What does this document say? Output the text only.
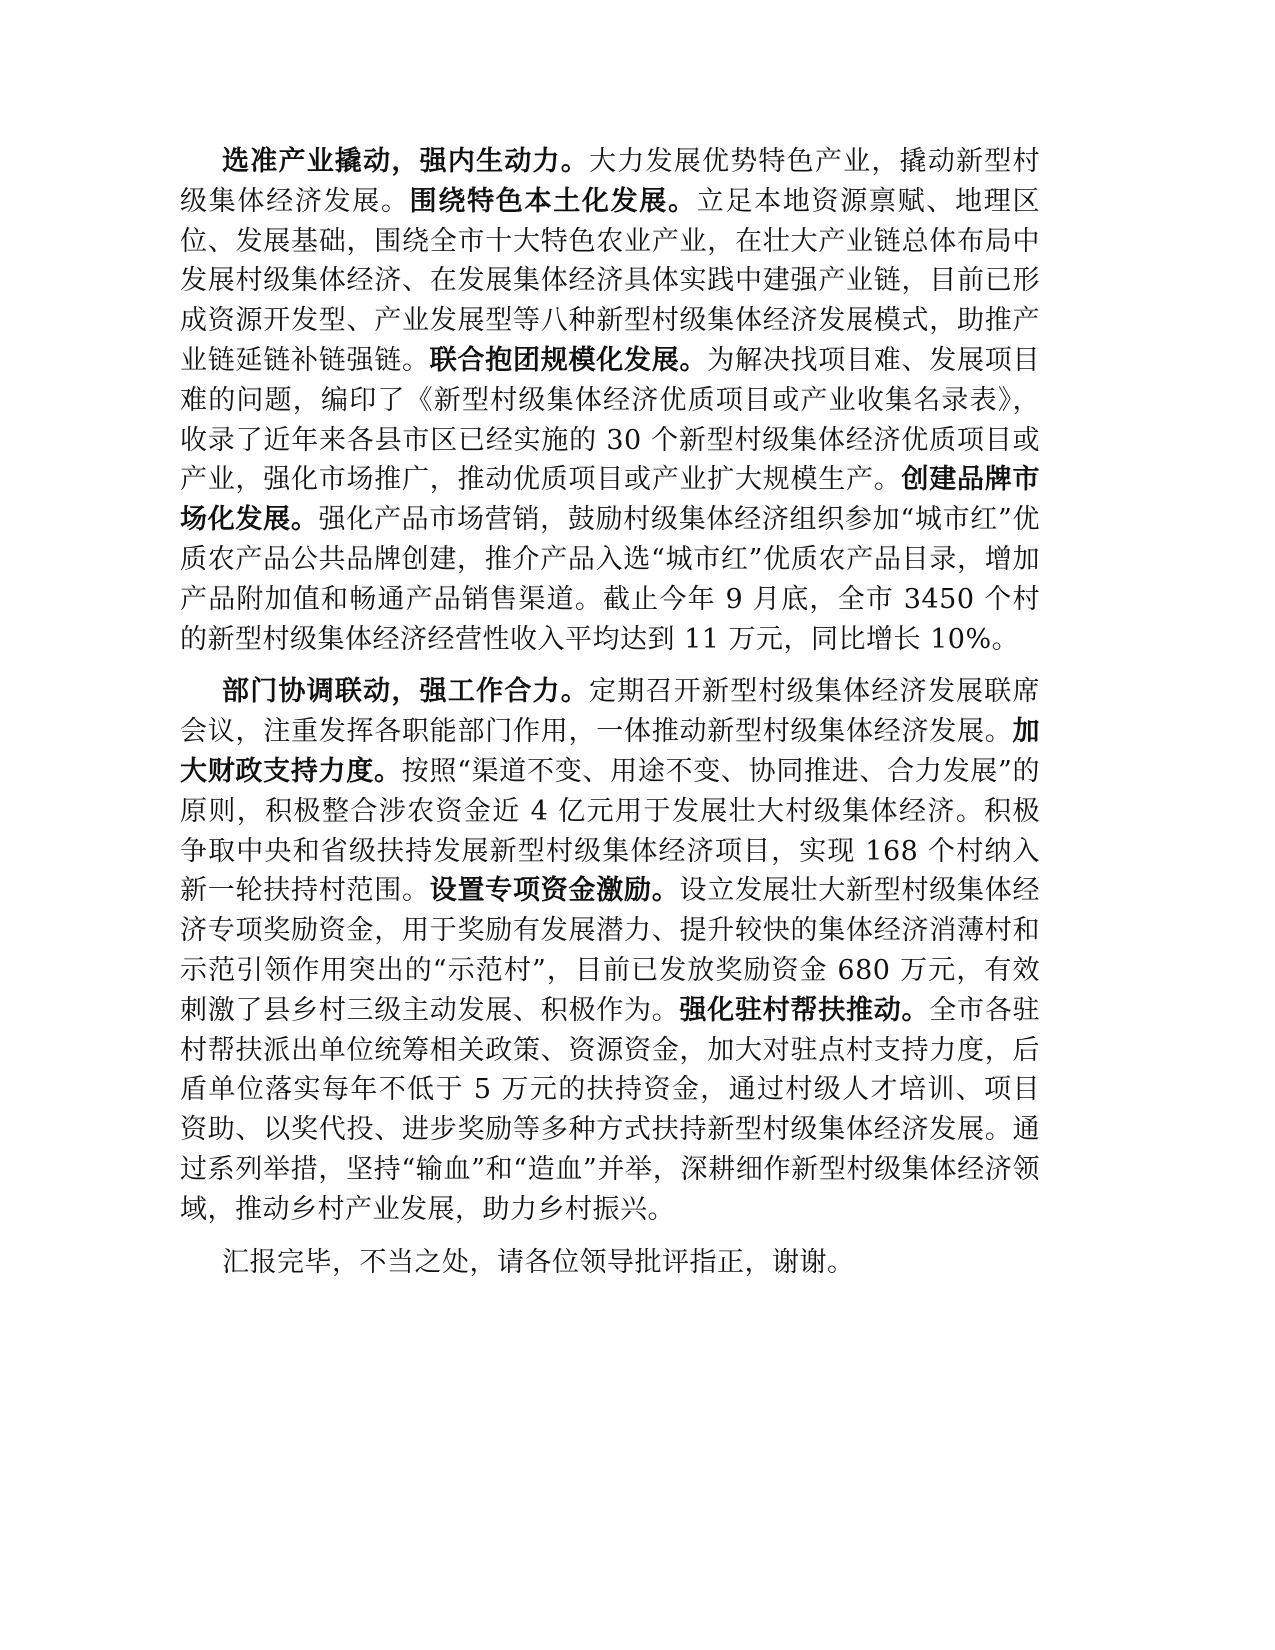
选准产业撬动，强内生动力。大力发展优势特色产业，撬动新型村级集体经济发展。围绕特色本土化发展。立足本地资源禀赋、地理区位、发展基础，围绕全市十大特色农业产业，在壮大产业链总体布局中发展村级集体经济、在发展集体经济具体实践中建强产业链，目前已形成资源开发型、产业发展型等八种新型村级集体经济发展模式，助推产业链延链补链强链。联合抱团规模化发展。为解决找项目难、发展项目难的问题，编印了《新型村级集体经济优质项目或产业收集名录表》，收录了近年来各县市区已经实施的 30 个新型村级集体经济优质项目或产业，强化市场推广，推动优质项目或产业扩大规模生产。创建品牌市场化发展。强化产品市场营销，鼓励村级集体经济组织参加“城市红”优质农产品公共品牌创建，推介产品入选“城市红”优质农产品目录，增加产品附加值和畅通产品销售渠道。截止今年 9 月底，全市 3450 个村的新型村级集体经济经营性收入平均达到 11 万元，同比增长 10%。

部门协调联动，强工作合力。定期召开新型村级集体经济发展联席会议，注重发挥各职能部门作用，一体推动新型村级集体经济发展。加大财政支持力度。按照“渠道不变、用途不变、协同推进、合力发展”的原则，积极整合涉农资金近 4 亿元用于发展壮大村级集体经济。积极争取中央和省级扶持发展新型村级集体经济项目，实现 168 个村纳入新一轮扶持村范围。设置专项资金激励。设立发展壮大新型村级集体经济专项奖励资金，用于奖励有发展潜力、提升较快的集体经济消薄村和示范引领作用突出的“示范村”，目前已发放奖励资金 680 万元，有效刺激了县乡村三级主动发展、积极作为。强化驻村帮扶推动。全市各驻村帮扶派出单位统筹相关政策、资源资金，加大对驻点村支持力度，后盾单位落实每年不低于 5 万元的扶持资金，通过村级人才培训、项目资助、以奖代投、进步奖励等多种方式扶持新型村级集体经济发展。通过系列举措，坚持“输血”和“造血”并举，深耕细作新型村级集体经济领域，推动乡村产业发展，助力乡村振兴。

汇报完毕，不当之处，请各位领导批评指正，谢谢。
